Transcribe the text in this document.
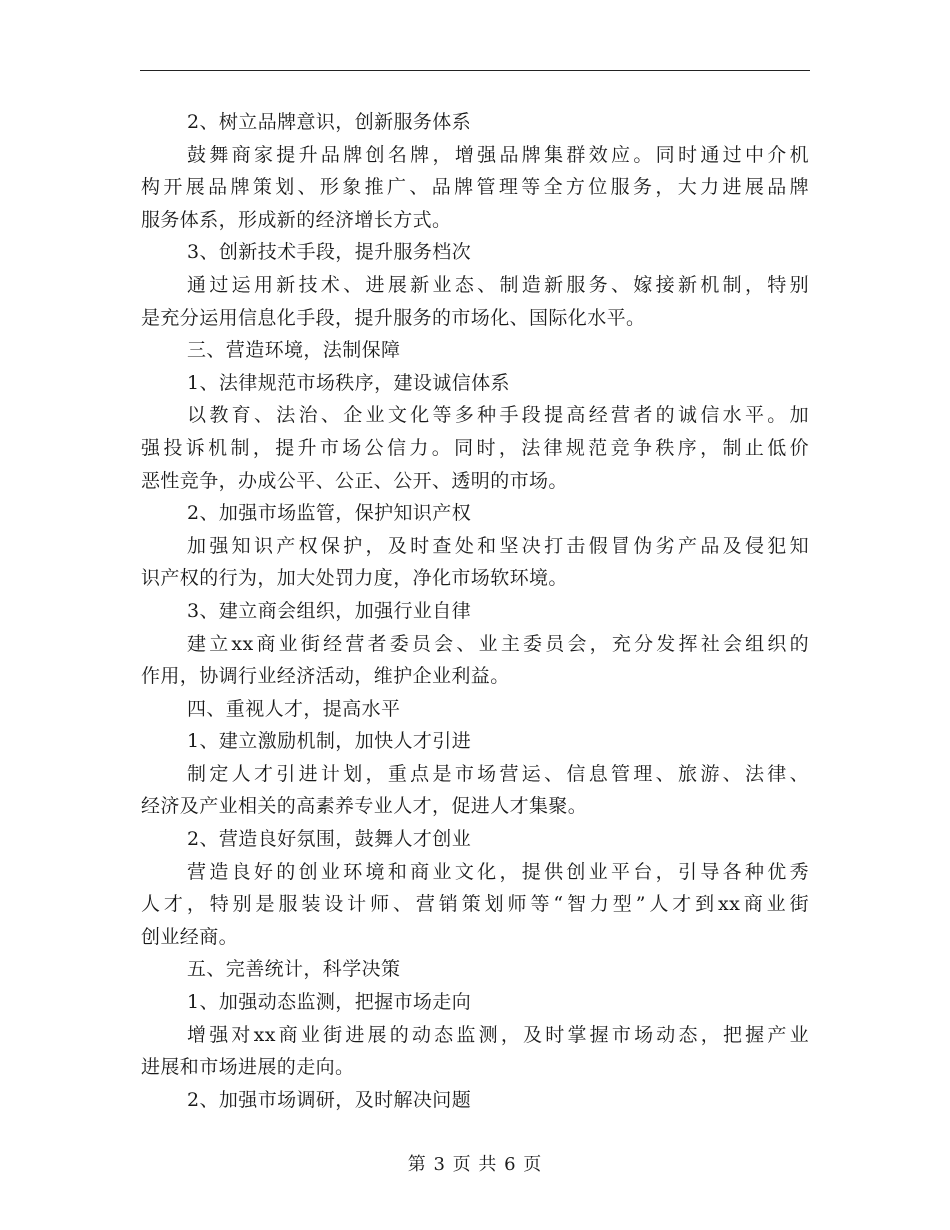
2、树立品牌意识，创新服务体系
鼓舞商家提升品牌创名牌，增强品牌集群效应。同时通过中介机
构开展品牌策划、形象推广、品牌管理等全方位服务，大力进展品牌
服务体系，形成新的经济增长方式。
3、创新技术手段，提升服务档次
通过运用新技术、进展新业态、制造新服务、嫁接新机制，特别
是充分运用信息化手段，提升服务的市场化、国际化水平。
三、营造环境，法制保障
1、法律规范市场秩序，建设诚信体系
以教育、法治、企业文化等多种手段提高经营者的诚信水平。加
强投诉机制，提升市场公信力。同时，法律规范竞争秩序，制止低价
恶性竞争，办成公平、公正、公开、透明的市场。
2、加强市场监管，保护知识产权
加强知识产权保护，及时查处和坚决打击假冒伪劣产品及侵犯知
识产权的行为，加大处罚力度，净化市场软环境。
3、建立商会组织，加强行业自律
建立xx商业街经营者委员会、业主委员会，充分发挥社会组织的
作用，协调行业经济活动，维护企业利益。
四、重视人才，提高水平
1、建立激励机制，加快人才引进
制定人才引进计划，重点是市场营运、信息管理、旅游、法律、
经济及产业相关的高素养专业人才，促进人才集聚。
2、营造良好氛围，鼓舞人才创业
营造良好的创业环境和商业文化，提供创业平台，引导各种优秀
人才，特别是服装设计师、营销策划师等“智力型”人才到xx商业街
创业经商。
五、完善统计，科学决策
1、加强动态监测，把握市场走向
增强对xx商业街进展的动态监测，及时掌握市场动态，把握产业
进展和市场进展的走向。
2、加强市场调研，及时解决问题
第 3 页 共 6 页
